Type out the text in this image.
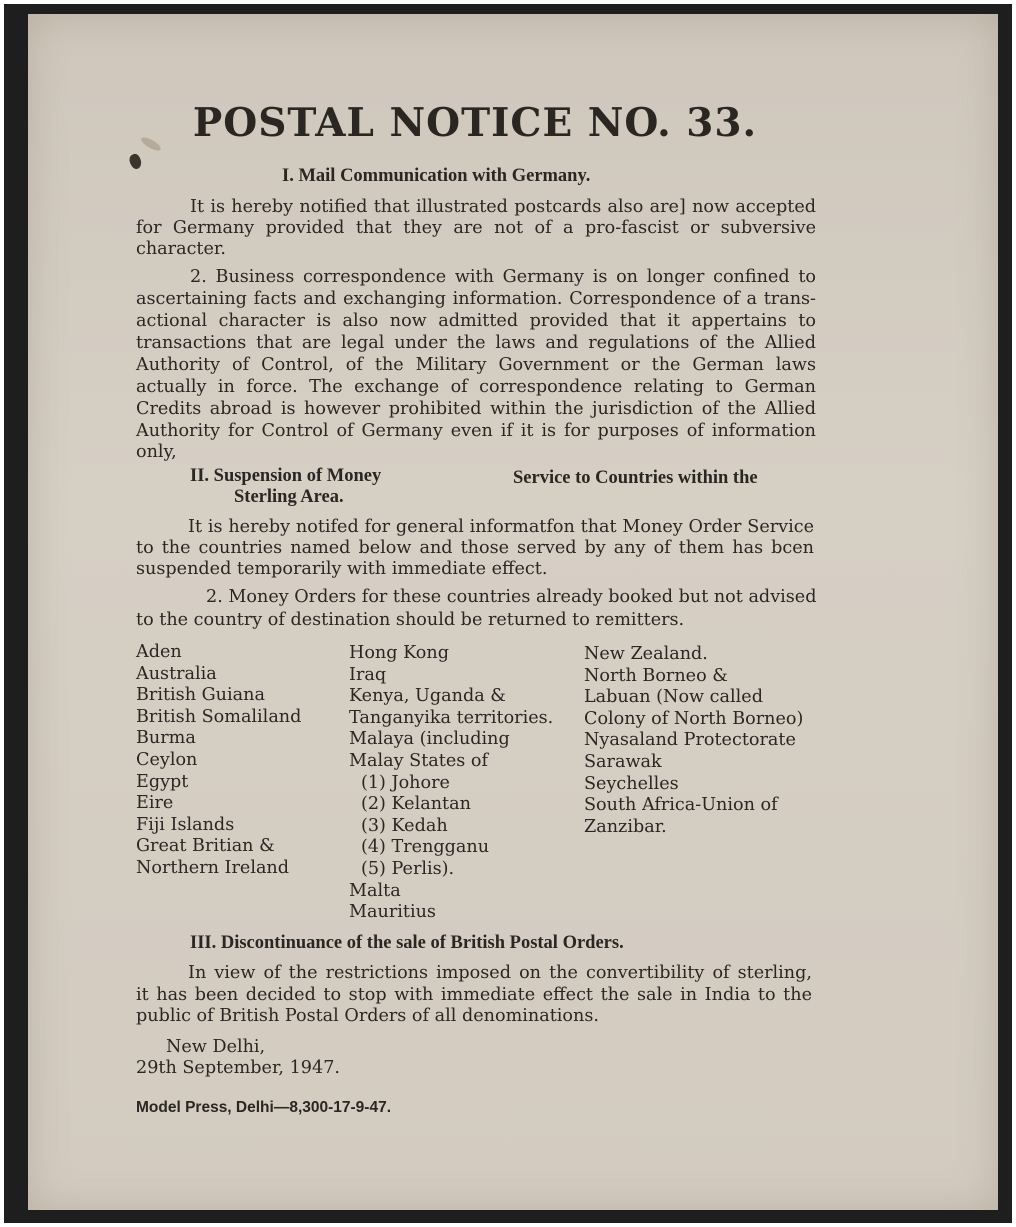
POSTAL NOTICE NO. 33.
I. Mail Communication with Germany.
It is hereby notified that illustrated postcards also are] now accepted
for Germany provided that they are not of a pro-fascist or subversive
character.
2. Business correspondence with Germany is on longer confined to
ascertaining facts and exchanging information. Correspondence of a trans-
actional character is also now admitted provided that it appertains to
transactions that are legal under the laws and regulations of the Allied
Authority of Control, of the Military Government or the German laws
actually in force. The exchange of correspondence relating to German
Credits abroad is however prohibited within the jurisdiction of the Allied
Authority for Control of Germany even if it is for purposes of information
only,
II. Suspension of Money	Service to Countries within the
Sterling Area.
It is hereby notifed for general informatfon that Money Order Service
to the countries named below and those served by any of them has bcen
suspended temporarily with immediate effect.
2. Money Orders for these countries already booked but not advised
to the country of destination should be returned to remitters.
Aden
Australia
British Guiana
British Somaliland
Burma
Ceylon
Egypt
Eire
Fiji Islands
Great Britian &
Northern Ireland
Hong Kong
Iraq
Kenya, Uganda &
Tanganyika territories.
Malaya (including
Malay States of
(1) Johore
(2) Kelantan
(3) Kedah
(4) Trengganu
(5) Perlis).
Malta
Mauritius
New Zealand.
North Borneo &
Labuan (Now called
Colony of North Borneo)
Nyasaland Protectorate
Sarawak
Seychelles
South Africa-Union of
Zanzibar.
III. Discontinuance of the sale of British Postal Orders.
In view of the restrictions imposed on the convertibility of sterling,
it has been decided to stop with immediate effect the sale in India to the
public of British Postal Orders of all denominations.
New Delhi,
29th September, 1947.
Model Press, Delhi—8,300-17-9-47.
